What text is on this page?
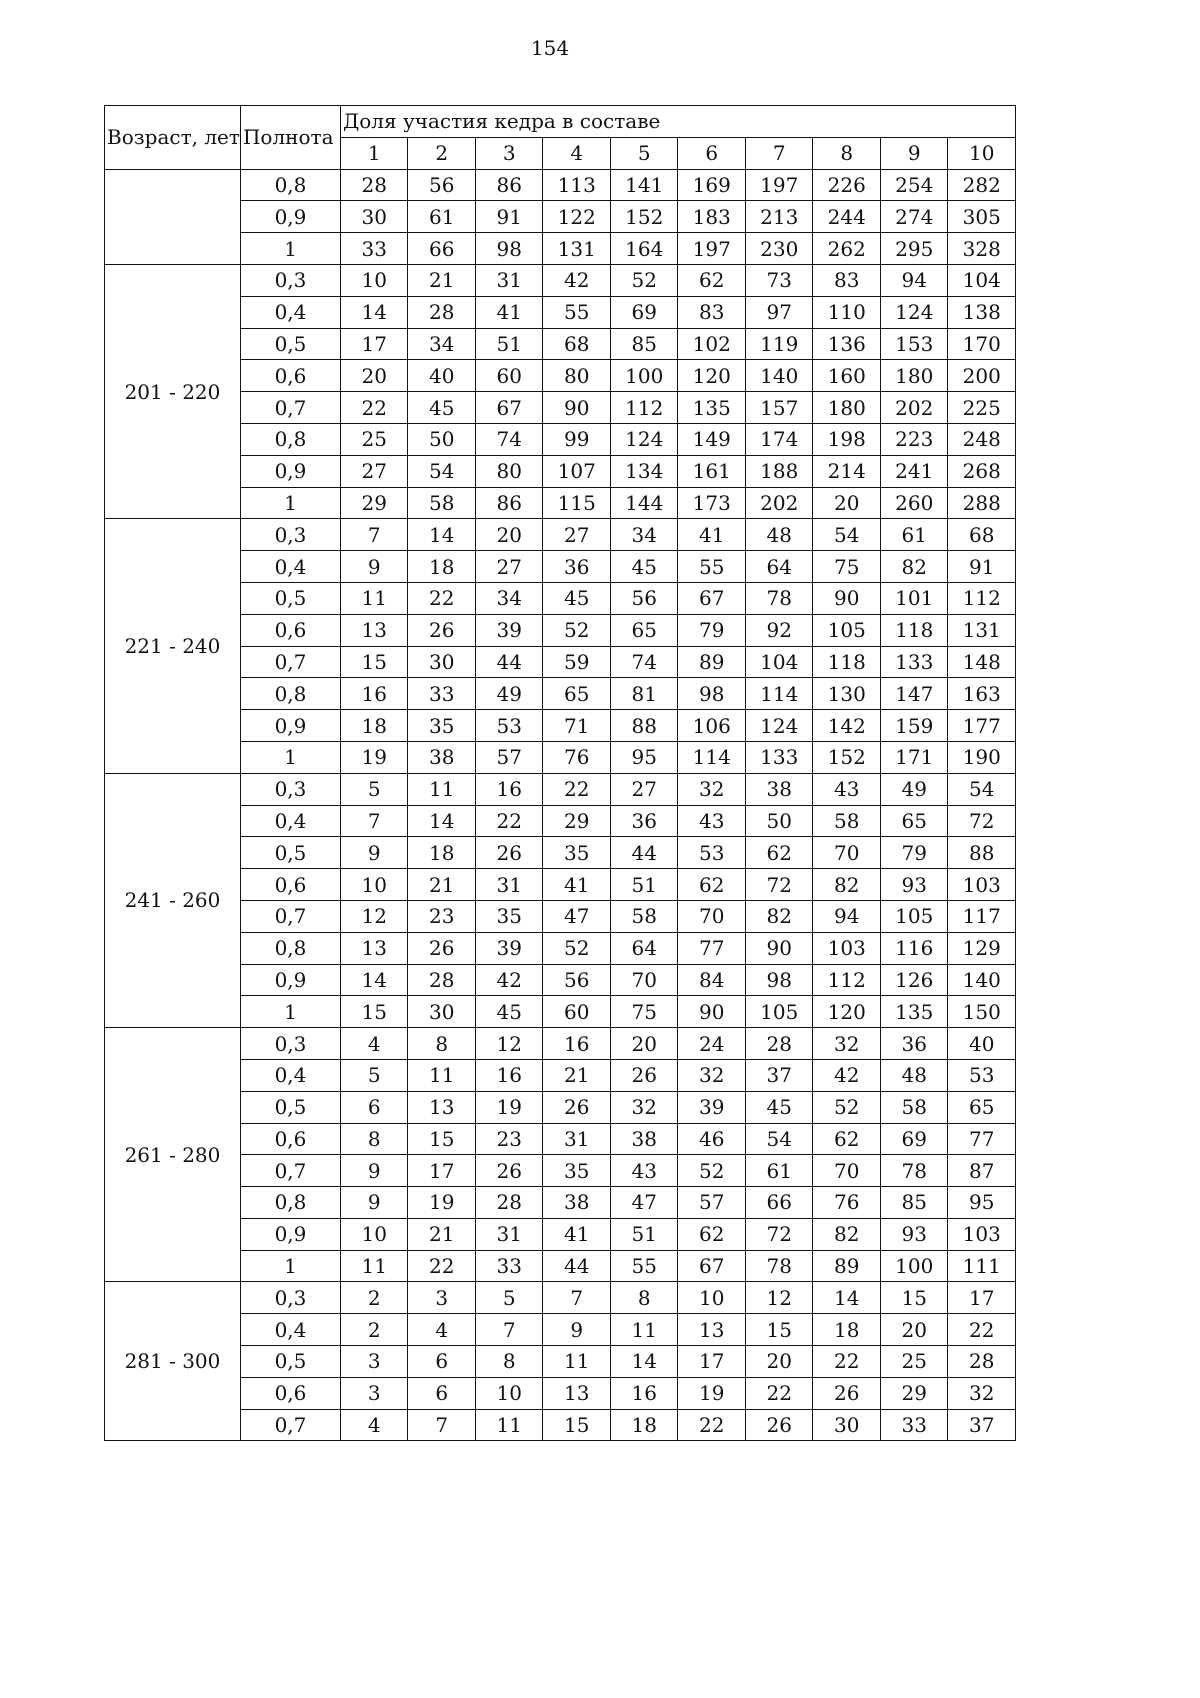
154
Возраст, лет	Полнота	Доля участия кедра в составе									
		1	2	3	4	5	6	7	8	9	10
	0,8	28	56	86	113	141	169	197	226	254	282
	0,9	30	61	91	122	152	183	213	244	274	305
	1	33	66	98	131	164	197	230	262	295	328
201 - 220	0,3	10	21	31	42	52	62	73	83	94	104
	0,4	14	28	41	55	69	83	97	110	124	138
	0,5	17	34	51	68	85	102	119	136	153	170
	0,6	20	40	60	80	100	120	140	160	180	200
	0,7	22	45	67	90	112	135	157	180	202	225
	0,8	25	50	74	99	124	149	174	198	223	248
	0,9	27	54	80	107	134	161	188	214	241	268
	1	29	58	86	115	144	173	202	20	260	288
221 - 240	0,3	7	14	20	27	34	41	48	54	61	68
	0,4	9	18	27	36	45	55	64	75	82	91
	0,5	11	22	34	45	56	67	78	90	101	112
	0,6	13	26	39	52	65	79	92	105	118	131
	0,7	15	30	44	59	74	89	104	118	133	148
	0,8	16	33	49	65	81	98	114	130	147	163
	0,9	18	35	53	71	88	106	124	142	159	177
	1	19	38	57	76	95	114	133	152	171	190
241 - 260	0,3	5	11	16	22	27	32	38	43	49	54
	0,4	7	14	22	29	36	43	50	58	65	72
	0,5	9	18	26	35	44	53	62	70	79	88
	0,6	10	21	31	41	51	62	72	82	93	103
	0,7	12	23	35	47	58	70	82	94	105	117
	0,8	13	26	39	52	64	77	90	103	116	129
	0,9	14	28	42	56	70	84	98	112	126	140
	1	15	30	45	60	75	90	105	120	135	150
261 - 280	0,3	4	8	12	16	20	24	28	32	36	40
	0,4	5	11	16	21	26	32	37	42	48	53
	0,5	6	13	19	26	32	39	45	52	58	65
	0,6	8	15	23	31	38	46	54	62	69	77
	0,7	9	17	26	35	43	52	61	70	78	87
	0,8	9	19	28	38	47	57	66	76	85	95
	0,9	10	21	31	41	51	62	72	82	93	103
	1	11	22	33	44	55	67	78	89	100	111
281 - 300	0,3	2	3	5	7	8	10	12	14	15	17
	0,4	2	4	7	9	11	13	15	18	20	22
	0,5	3	6	8	11	14	17	20	22	25	28
	0,6	3	6	10	13	16	19	22	26	29	32
	0,7	4	7	11	15	18	22	26	30	33	37
